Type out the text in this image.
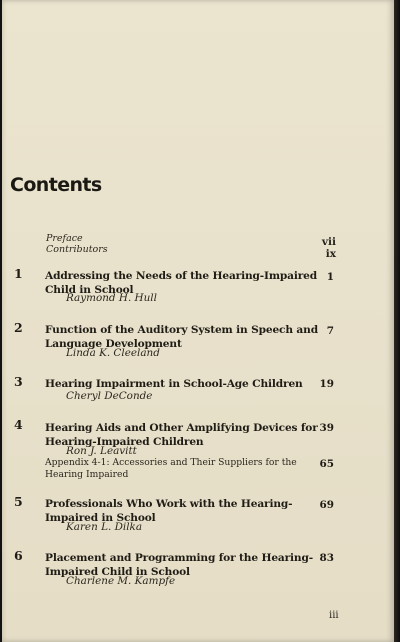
Contents
Preface
Contributors
vii
ix
1 Addressing the Needs of the Hearing-Impaired Child in School
Raymond H. Hull
1
2 Function of the Auditory System in Speech and Language Development
Linda K. Cleeland
7
3 Hearing Impairment in School-Age Children
Cheryl DeConde
19
4 Hearing Aids and Other Amplifying Devices for Hearing-Impaired Children
Ron J. Leavitt
39
Appendix 4-1: Accessories and Their Suppliers for the Hearing Impaired
65
5 Professionals Who Work with the Hearing-Impaired in School
Karen L. Dilka
69
6 Placement and Programming for the Hearing-Impaired Child in School
Charlene M. Kampfe
83
iii
